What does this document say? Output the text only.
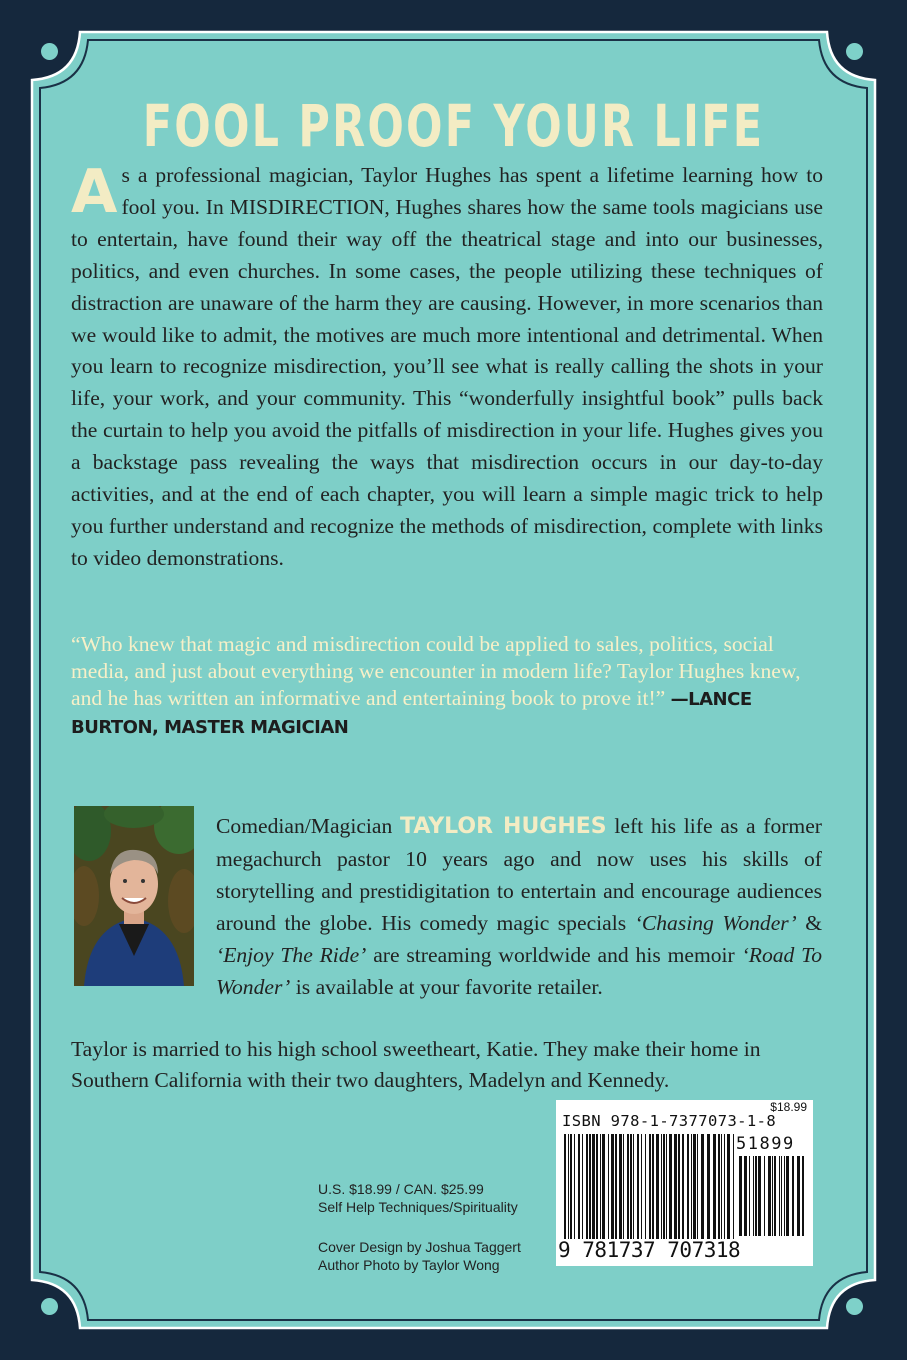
FOOL PROOF YOUR LIFE
As a professional magician, Taylor Hughes has spent a lifetime learning how to fool you. In MISDIRECTION, Hughes shares how the same tools magicians use to entertain, have found their way off the theatrical stage and into our businesses, politics, and even churches. In some cases, the people utilizing these techniques of distraction are unaware of the harm they are causing. However, in more scenarios than we would like to admit, the motives are much more intentional and detrimental. When you learn to recognize misdirection, you’ll see what is really calling the shots in your life, your work, and your community. This “wonderfully insightful book” pulls back the curtain to help you avoid the pitfalls of misdirection in your life. Hughes gives you a backstage pass revealing the ways that misdirection occurs in our day-to-day activities, and at the end of each chapter, you will learn a simple magic trick to help you further understand and recognize the methods of misdirection, complete with links to video demonstrations.
“Who knew that magic and misdirection could be applied to sales, politics, social media, and just about everything we encounter in modern life? Taylor Hughes knew, and he has written an informative and entertaining book to prove it!” —LANCE BURTON, MASTER MAGICIAN
Comedian/Magician TAYLOR HUGHES left his life as a former megachurch pastor 10 years ago and now uses his skills of storytelling and prestidigitation to entertain and encourage audiences around the globe. His comedy magic specials ‘Chasing Wonder’ & ‘Enjoy The Ride’ are streaming worldwide and his memoir ‘Road To Wonder’ is available at your favorite retailer.
Taylor is married to his high school sweetheart, Katie. They make their home in Southern California with their two daughters, Madelyn and Kennedy.
U.S. $18.99 / CAN. $25.99
Self Help Techniques/Spirituality
Cover Design by Joshua Taggert
Author Photo by Taylor Wong
$18.99
ISBN 978-1-7377073-1-8
51899
9 781737 707318
